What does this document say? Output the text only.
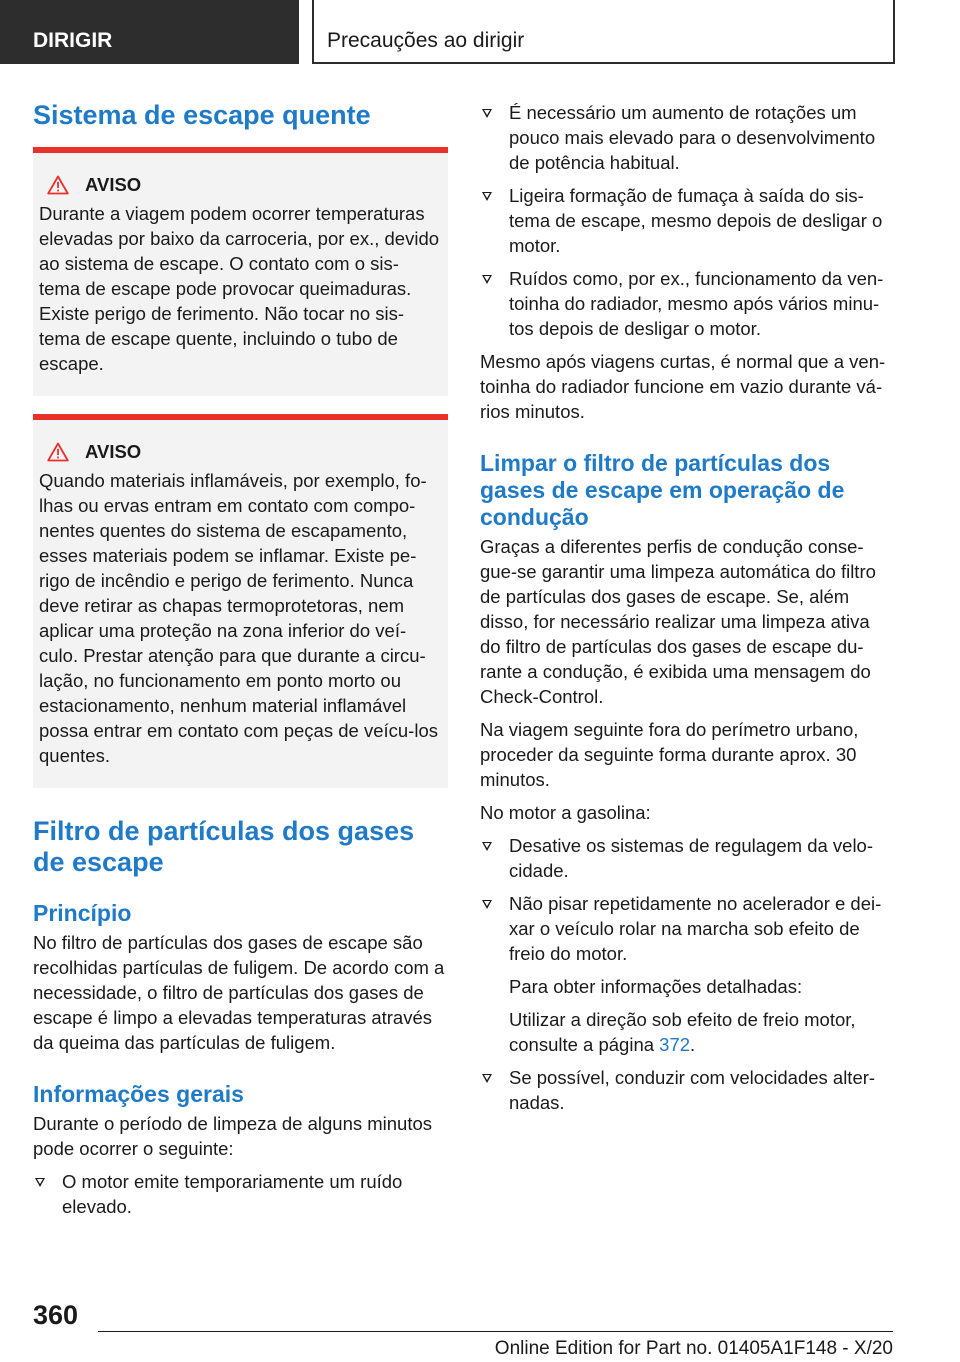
DIRIGIR	Precauções ao dirigir
Sistema de escape quente
AVISO

Durante a viagem podem ocorrer temperaturas elevadas por baixo da carroceria, por ex., devido ao sistema de escape. O contato com o sis-tema de escape pode provocar queimaduras. Existe perigo de ferimento. Não tocar no sis-tema de escape quente, incluindo o tubo de escape.

AVISO

Quando materiais inflamáveis, por exemplo, fo-lhas ou ervas entram em contato com compo-nentes quentes do sistema de escapamento, esses materiais podem se inflamar. Existe pe-rigo de incêndio e perigo de ferimento. Nunca deve retirar as chapas termoprotetoras, nem aplicar uma proteção na zona inferior do veí-culo. Prestar atenção para que durante a circu-lação, no funcionamento em ponto morto ou estacionamento, nenhum material inflamável possa entrar em contato com peças de veícu-los quentes.

Filtro de partículas dos gases de escape
Princípio

No filtro de partículas dos gases de escape são recolhidas partículas de fuligem. De acordo com a necessidade, o filtro de partículas dos gases de escape é limpo a elevadas temperaturas através da queima das partículas de fuligem.

Informações gerais

Durante o período de limpeza de alguns minutos pode ocorrer o seguinte:

O motor emite temporariamente um ruído elevado.
É necessário um aumento de rotações um pouco mais elevado para o desenvolvimento de potência habitual.
Ligeira formação de fumaça à saída do sis-tema de escape, mesmo depois de desligar o motor.
Ruídos como, por ex., funcionamento da ven-toinha do radiador, mesmo após vários minu-tos depois de desligar o motor.

Mesmo após viagens curtas, é normal que a ven-toinha do radiador funcione em vazio durante vá-rios minutos.

Limpar o filtro de partículas dos gases de escape em operação de condução

Graças a diferentes perfis de condução conse-gue-se garantir uma limpeza automática do filtro de partículas dos gases de escape. Se, além disso, for necessário realizar uma limpeza ativa do filtro de partículas dos gases de escape du-rante a condução, é exibida uma mensagem do Check-Control.

Na viagem seguinte fora do perímetro urbano, proceder da seguinte forma durante aprox. 30 minutos.

No motor a gasolina:

Desative os sistemas de regulagem da velo-cidade.
Não pisar repetidamente no acelerador e dei-xar o veículo rolar na marcha sob efeito de freio do motor.

Para obter informações detalhadas:

Utilizar a direção sob efeito de freio motor, consulte a página 372.

Se possível, conduzir com velocidades alter-nadas.
360
Online Edition for Part no. 01405A1F148 - X/20
